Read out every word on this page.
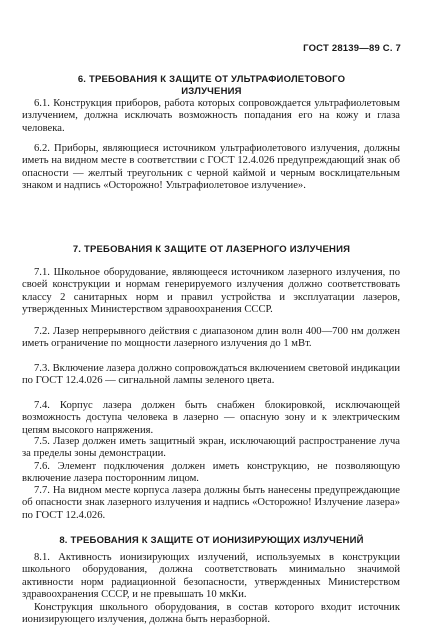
ГОСТ 28139—89 С. 7
6. ТРЕБОВАНИЯ К ЗАЩИТЕ ОТ УЛЬТРАФИОЛЕТОВОГО
ИЗЛУЧЕНИЯ

6.1. Конструкция приборов, работа которых сопровождается ультрафиолетовым излучением, должна исключать возможность попадания его на кожу и глаза человека.

6.2. Приборы, являющиеся источником ультрафиолетового излучения, должны иметь на видном месте в соответствии с ГОСТ 12.4.026 предупреждающий знак об опасности — желтый треугольник с черной каймой и черным восклицательным знаком и надпись «Осторожно! Ультрафиолетовое излучение».

7. ТРЕБОВАНИЯ К ЗАЩИТЕ ОТ ЛАЗЕРНОГО ИЗЛУЧЕНИЯ

7.1. Школьное оборудование, являющееся источником лазерного излучения, по своей конструкции и нормам генерируемого излучения должно соответствовать классу 2 санитарных норм и правил устройства и эксплуатации лазеров, утвержденных Министерством здравоохранения СССР.

7.2. Лазер непрерывного действия с диапазоном длин волн 400—700 нм должен иметь ограничение по мощности лазерного излучения до 1 мВт.

7.3. Включение лазера должно сопровождаться включением световой индикации по ГОСТ 12.4.026 — сигнальной лампы зеленого цвета.

7.4. Корпус лазера должен быть снабжен блокировкой, исключающей возможность доступа человека в лазерно — опасную зону и к электрическим цепям высокого напряжения.

7.5. Лазер должен иметь защитный экран, исключающий распространение луча за пределы зоны демонстрации.

7.6. Элемент подключения должен иметь конструкцию, не позволяющую включение лазера посторонним лицом.

7.7. На видном месте корпуса лазера должны быть нанесены предупреждающие об опасности знак лазерного излучения и надпись «Осторожно! Излучение лазера» по ГОСТ 12.4.026.

8. ТРЕБОВАНИЯ К ЗАЩИТЕ ОТ ИОНИЗИРУЮЩИХ ИЗЛУЧЕНИЙ

8.1. Активность ионизирующих излучений, используемых в конструкции школьного оборудования, должна соответствовать минимально значимой активности норм радиационной безопасности, утвержденных Министерством здравоохранения СССР, и не превышать 10 мкКи.

Конструкция школьного оборудования, в состав которого входит источник ионизирующего излучения, должна быть неразборной.
